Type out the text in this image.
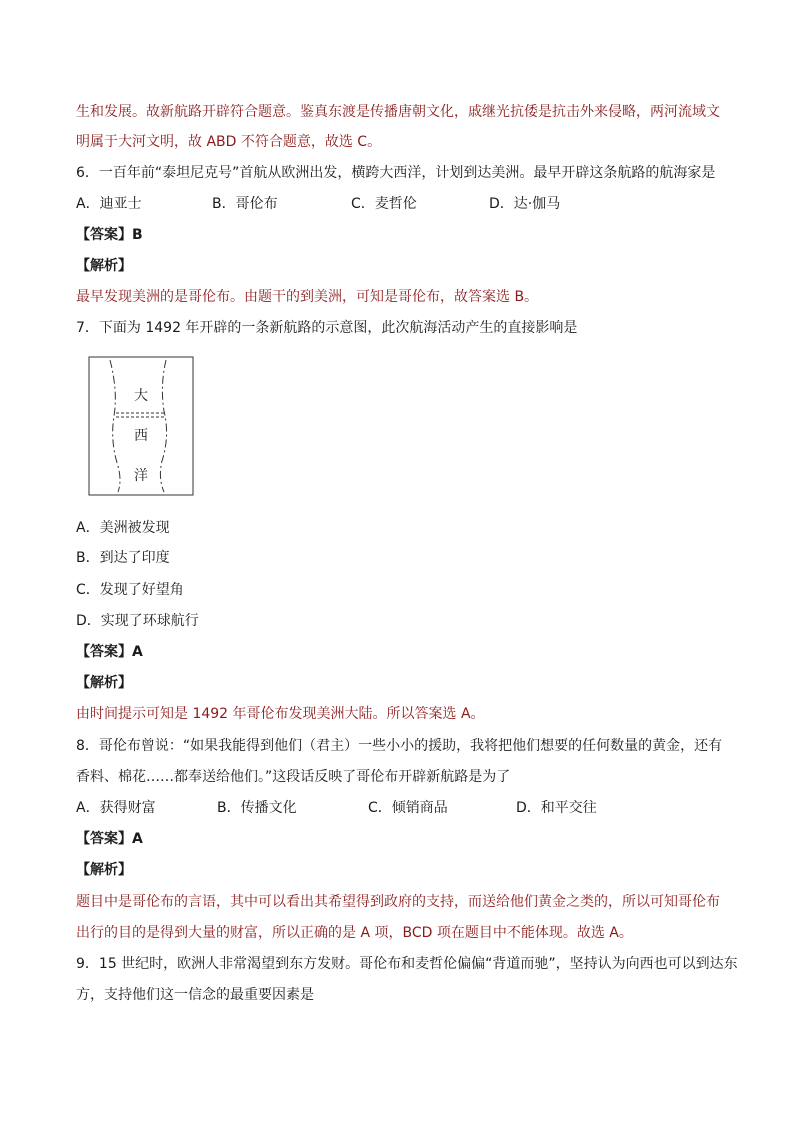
生和发展。故新航路开辟符合题意。鉴真东渡是传播唐朝文化，戚继光抗倭是抗击外来侵略，两河流域文
明属于大河文明，故 ABD 不符合题意，故选 C。
6．一百年前“泰坦尼克号”首航从欧洲出发，横跨大西洋，计划到达美洲。最早开辟这条航路的航海家是
A．迪亚士	B．哥伦布	C．麦哲伦	D．达·伽马
【答案】B
【解析】
最早发现美洲的是哥伦布。由题干的到美洲，可知是哥伦布，故答案选 B。
7．下面为 1492 年开辟的一条新航路的示意图，此次航海活动产生的直接影响是
大
西
洋
A．美洲被发现
B．到达了印度
C．发现了好望角
D．实现了环球航行
【答案】A
【解析】
由时间提示可知是 1492 年哥伦布发现美洲大陆。所以答案选 A。
8．哥伦布曾说：“如果我能得到他们（君主）一些小小的援助，我将把他们想要的任何数量的黄金，还有
香料、棉花……都奉送给他们。”这段话反映了哥伦布开辟新航路是为了
A．获得财富	B．传播文化	C．倾销商品	D．和平交往
【答案】A
【解析】
题目中是哥伦布的言语，其中可以看出其希望得到政府的支持，而送给他们黄金之类的，所以可知哥伦布
出行的目的是得到大量的财富，所以正确的是 A 项，BCD 项在题目中不能体现。故选 A。
9．15 世纪时，欧洲人非常渴望到东方发财。哥伦布和麦哲伦偏偏“背道而驰”，坚持认为向西也可以到达东
方，支持他们这一信念的最重要因素是
